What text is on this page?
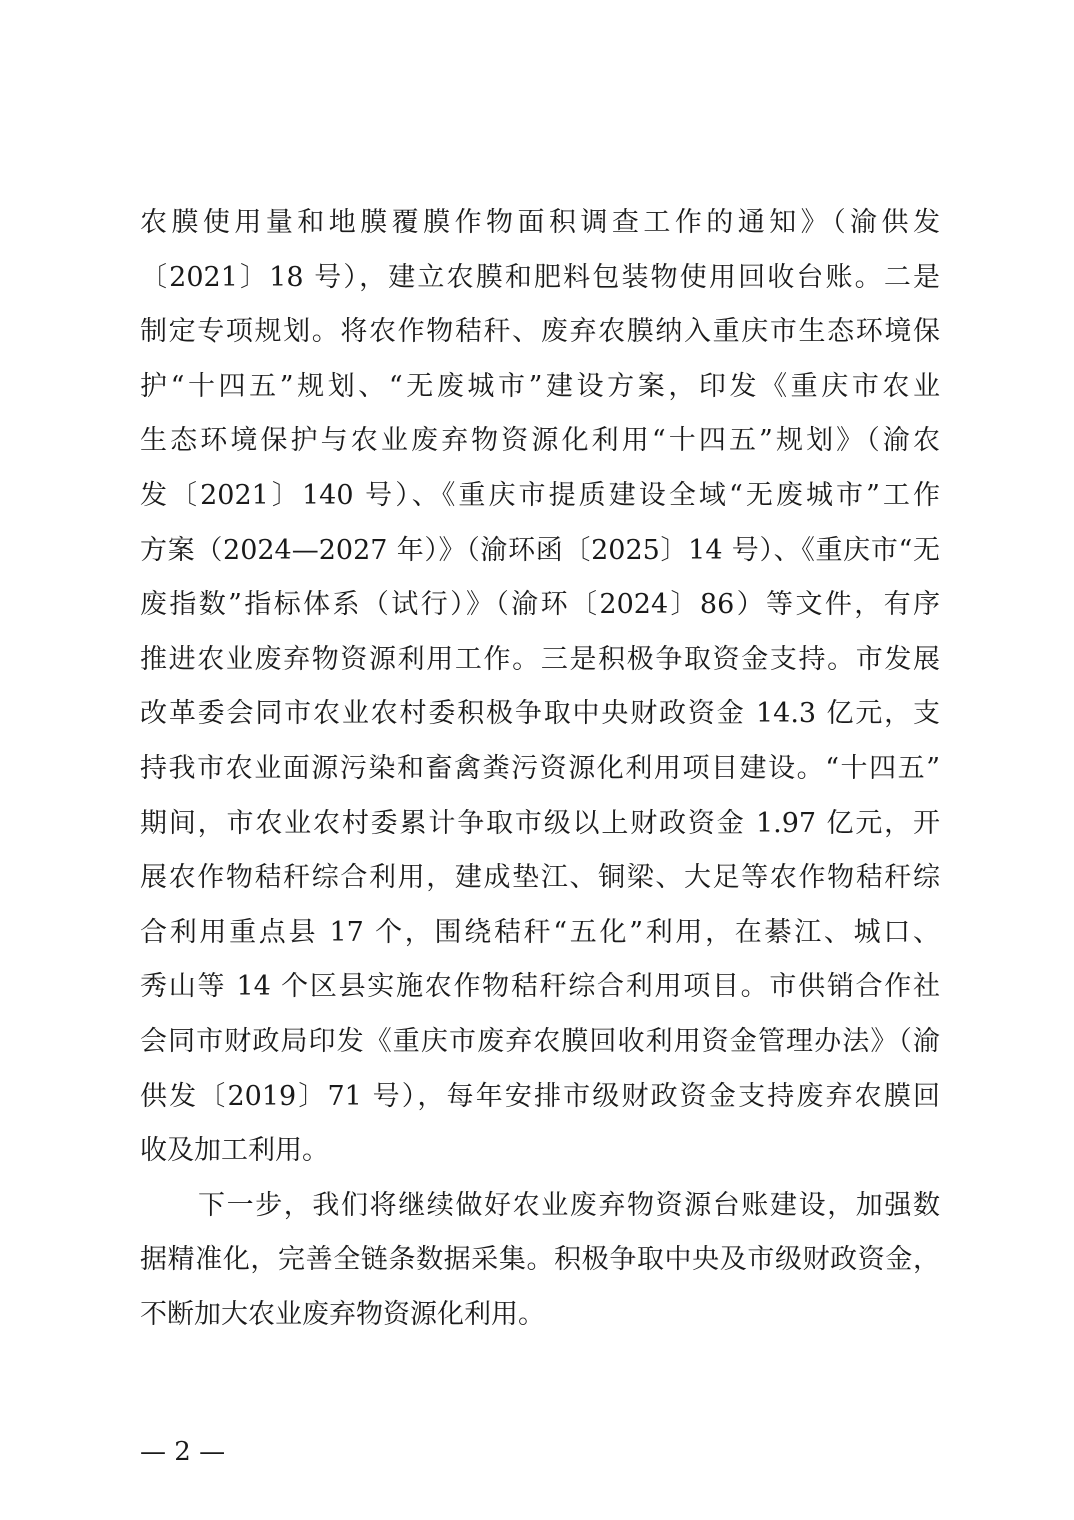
农膜使用量和地膜覆膜作物面积调查工作的通知》（渝供发
〔2021〕18 号），建立农膜和肥料包装物使用回收台账。二是
制定专项规划。将农作物秸秆、废弃农膜纳入重庆市生态环境保
护“十四五”规划、“无废城市”建设方案，印发《重庆市农业
生态环境保护与农业废弃物资源化利用“十四五”规划》（渝农
发〔2021〕140 号）、《重庆市提质建设全域“无废城市”工作
方案（2024—2027 年）》（渝环函〔2025〕14 号）、《重庆市“无
废指数”指标体系（试行）》（渝环〔2024〕86）等文件，有序
推进农业废弃物资源利用工作。三是积极争取资金支持。市发展
改革委会同市农业农村委积极争取中央财政资金 14.3 亿元，支
持我市农业面源污染和畜禽粪污资源化利用项目建设。“十四五”
期间，市农业农村委累计争取市级以上财政资金 1.97 亿元，开
展农作物秸秆综合利用，建成垫江、铜梁、大足等农作物秸秆综
合利用重点县 17 个，围绕秸秆“五化”利用，在綦江、城口、
秀山等 14 个区县实施农作物秸秆综合利用项目。市供销合作社
会同市财政局印发《重庆市废弃农膜回收利用资金管理办法》（渝
供发〔2019〕71 号），每年安排市级财政资金支持废弃农膜回
收及加工利用。
下一步，我们将继续做好农业废弃物资源台账建设，加强数
据精准化，完善全链条数据采集。积极争取中央及市级财政资金，
不断加大农业废弃物资源化利用。
— 2 —
